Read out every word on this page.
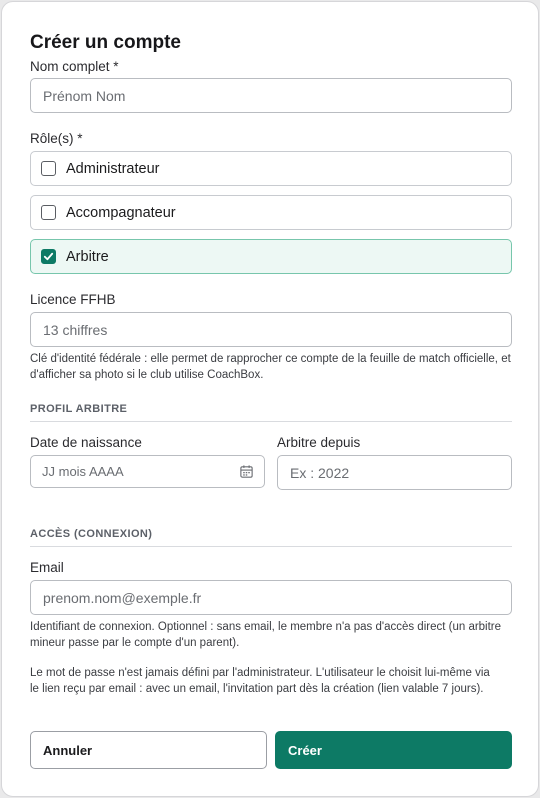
Créer un compte
Nom complet *
Prénom Nom
Rôle(s) *
Administrateur
Accompagnateur
Arbitre
Licence FFHB
13 chiffres
Clé d'identité fédérale : elle permet de rapprocher ce compte de la feuille de match officielle, et d'afficher sa photo si le club utilise CoachBox.
PROFIL ARBITRE
Date de naissance
JJ mois AAAA
Arbitre depuis
Ex : 2022
ACCÈS (CONNEXION)
Email
prenom.nom@exemple.fr
Identifiant de connexion. Optionnel : sans email, le membre n'a pas d'accès direct (un arbitre mineur passe par le compte d'un parent).
Le mot de passe n'est jamais défini par l'administrateur. L'utilisateur le choisit lui-même via le lien reçu par email : avec un email, l'invitation part dès la création (lien valable 7 jours).
Annuler	Créer
